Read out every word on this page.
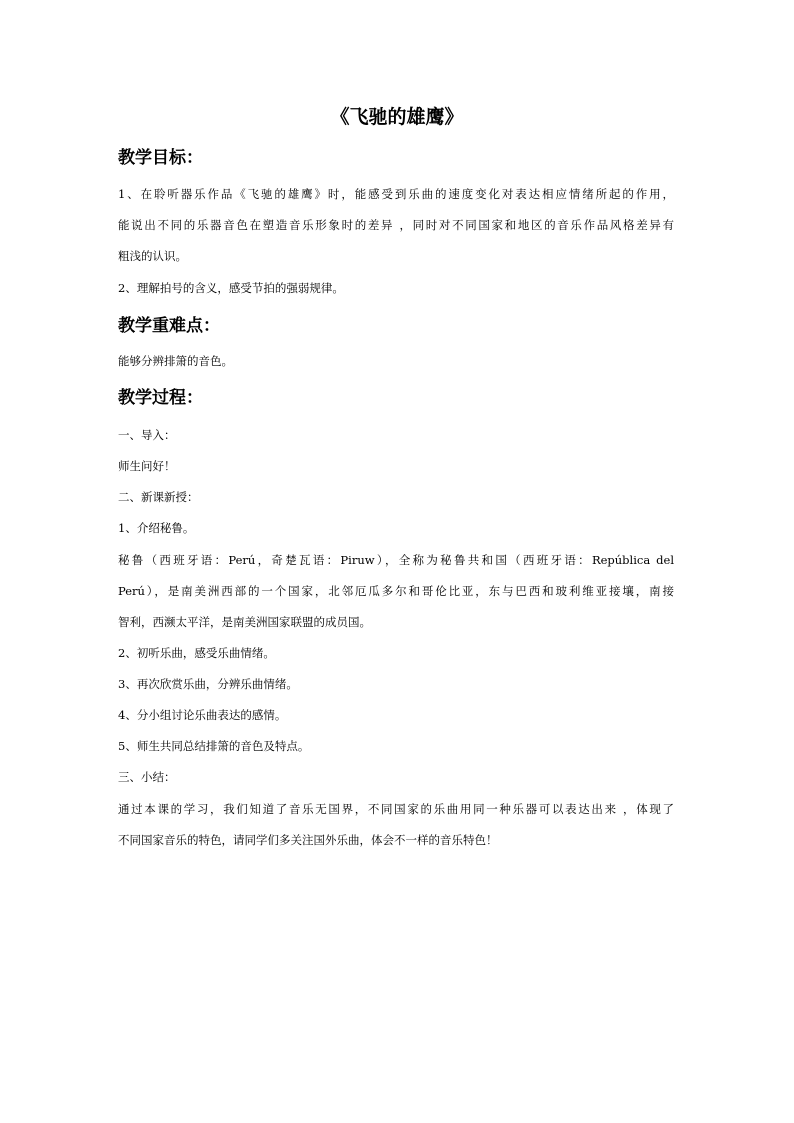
《飞驰的雄鹰》
教学目标：
1、在聆听器乐作品《飞驰的雄鹰》时，能感受到乐曲的速度变化对表达相应情绪所起的作用，
能说出不同的乐器音色在塑造音乐形象时的差异 ，同时对不同国家和地区的音乐作品风格差异有
粗浅的认识。
2、理解拍号的含义，感受节拍的强弱规律。
教学重难点：
能够分辨排箫的音色。
教学过程：
一、导入：
师生问好！
二、新课新授：
1、介绍秘鲁。
秘鲁（西班牙语：Perú，奇楚瓦语：Piruw），全称为秘鲁共和国（西班牙语：República del
Perú），是南美洲西部的一个国家，北邻厄瓜多尔和哥伦比亚，东与巴西和玻利维亚接壤，南接
智利，西濒太平洋，是南美洲国家联盟的成员国。
2、初听乐曲，感受乐曲情绪。
3、再次欣赏乐曲，分辨乐曲情绪。
4、分小组讨论乐曲表达的感情。
5、师生共同总结排箫的音色及特点。
三、小结：
通过本课的学习，我们知道了音乐无国界，不同国家的乐曲用同一种乐器可以表达出来 ，体现了
不同国家音乐的特色，请同学们多关注国外乐曲，体会不一样的音乐特色！
